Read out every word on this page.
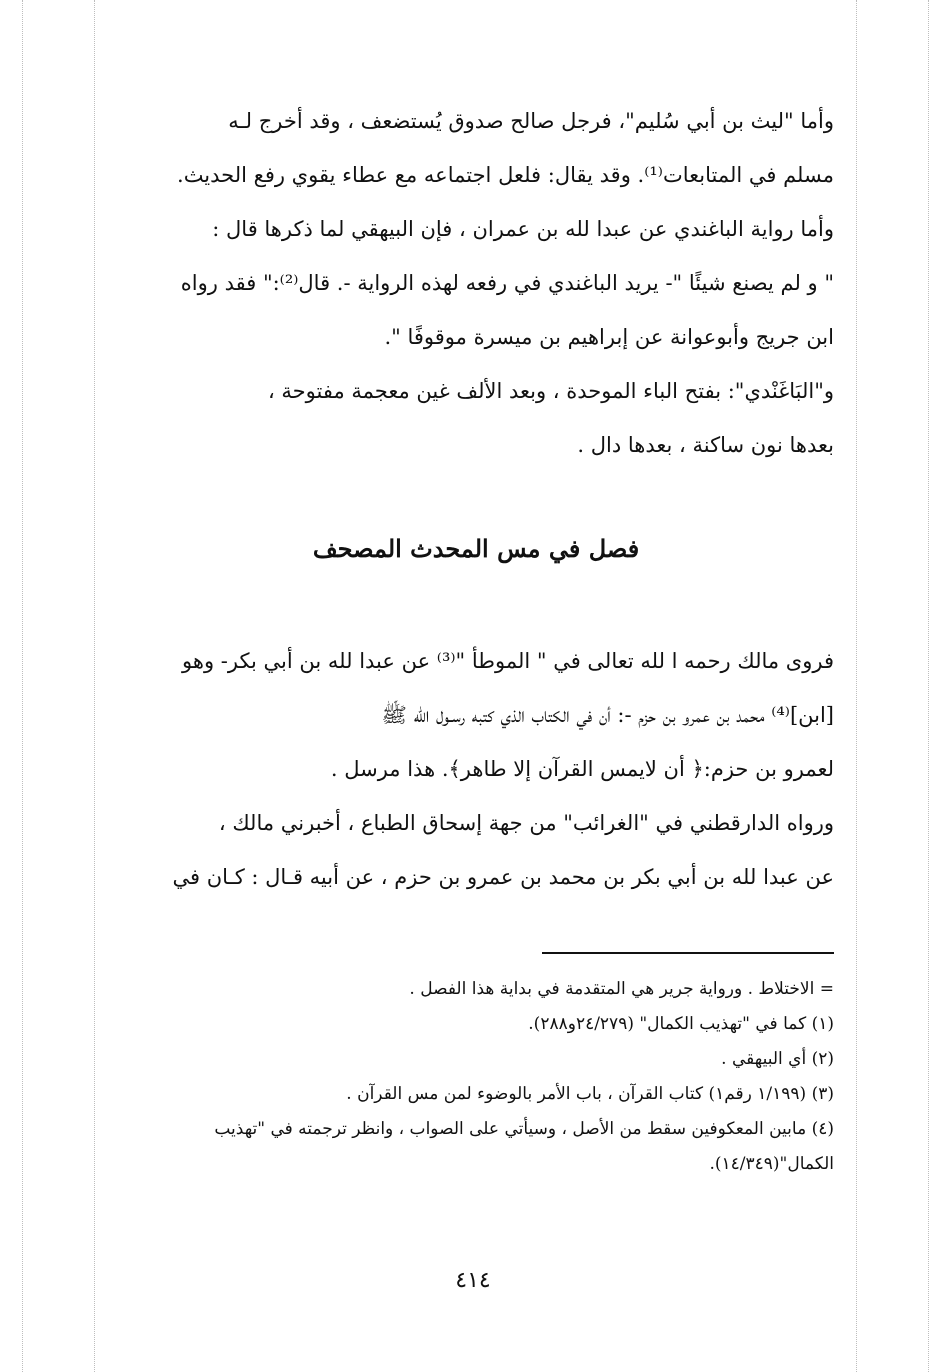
وأما "ليث بن أبي سُليم"، فرجل صالح صدوق يُستضعف ، وقد أخرج لـه
مسلم في المتابعات⁽¹⁾. وقد يقال: فلعل اجتماعه مع عطاء يقوي رفع الحديث.
وأما رواية الباغندي عن عبدا لله بن عمران ، فإن البيهقي لما ذكرها قال :
" و لم يصنع شيئًا "- يريد الباغندي في رفعه لهذه الرواية -. قال⁽²⁾:" فقد رواه
ابن جريج وأبوعوانة عن إبراهيم بن ميسرة موقوفًا ".
و"البَاغَنْدي": بفتح الباء الموحدة ، وبعد الألف غين معجمة مفتوحة ،
بعدها نون ساكنة ، بعدها دال .
فصل في مس المحدث المصحف
فروى مالك رحمه ا لله تعالى في " الموطأ "⁽³⁾ عن عبدا لله بن أبي بكر- وهو
[ابن]⁽⁴⁾ محمد بن عمرو بن حزم -: أن في الكتاب الذي كتبه رسـول الله ﷺ
لعمرو بن حزم:﴿ أن لايمس القرآن إلا طاهر﴾. هذا مرسل .
ورواه الدارقطني في "الغرائب" من جهة إسحاق الطباع ، أخبرني مالك ،
عن عبدا لله بن أبي بكر بن محمد بن عمرو بن حزم ، عن أبيه قـال : كـان في
= الاختلاط . ورواية جرير هي المتقدمة في بداية هذا الفصل .
(١) كما في "تهذيب الكمال" (٢٤/٢٧٩و٢٨٨).
(٢) أي البيهقي .
(٣) (١/١٩٩ رقم١) كتاب القرآن ، باب الأمر بالوضوء لمن مس القرآن .
(٤) مابين المعكوفين سقط من الأصل ، وسيأتي على الصواب ، وانظر ترجمته في "تهذيب
الكمال"(١٤/٣٤٩).
٤١٤
